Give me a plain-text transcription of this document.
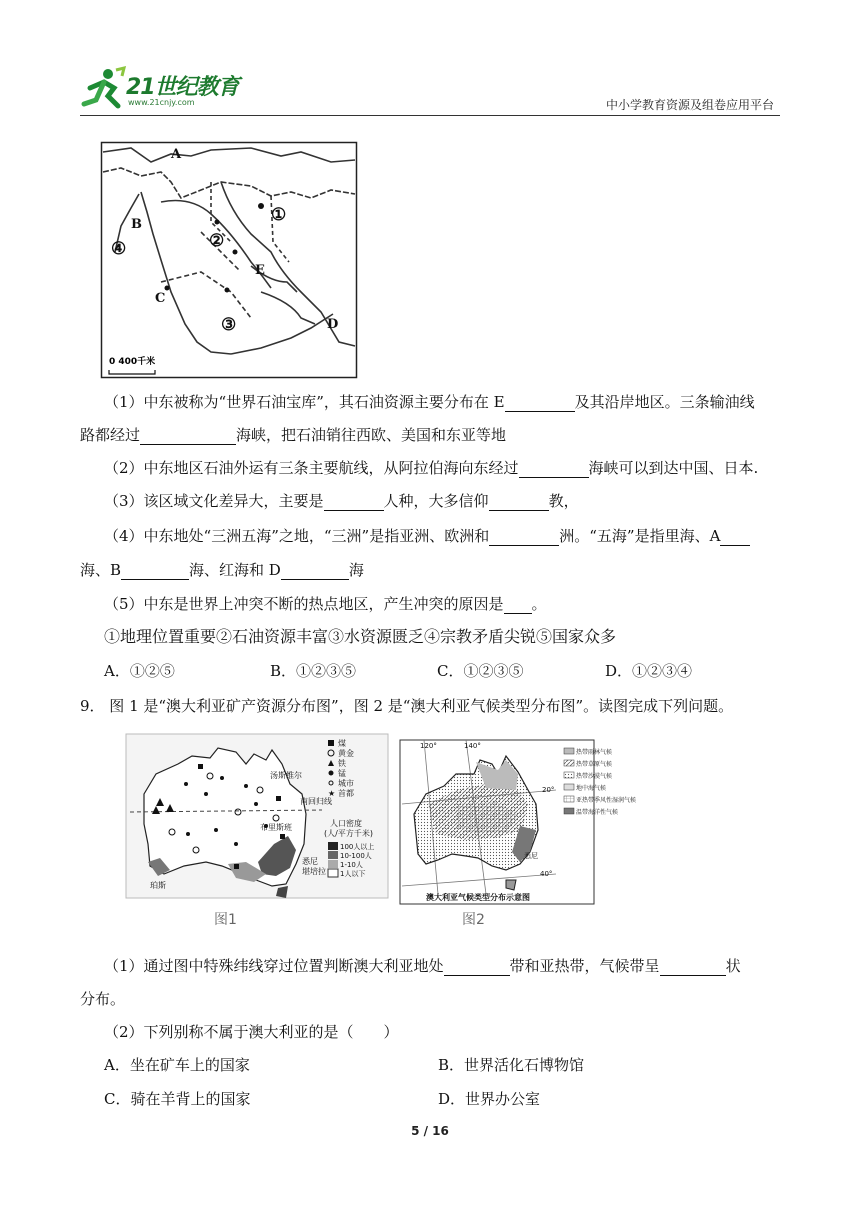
21世纪教育
www.21cnjy.com	中小学教育资源及组卷应用平台
A
B
C
D
E
①
②
③
④
0 400千米
（1）中东被称为“世界石油宝库”，其石油资源主要分布在 E	及其沿岸地区。三条输油线
路都经过	海峡，把石油销往西欧、美国和东亚等地
（2）中东地区石油外运有三条主要航线，从阿拉伯海向东经过	海峡可以到达中国、日本.
（3）该区域文化差异大，主要是	人种，大多信仰	教，
（4）中东地处“三洲五海”之地，“三洲”是指亚洲、欧洲和	洲。“五海”是指里海、A
海、B	海、红海和 D	海
（5）中东是世界上冲突不断的热点地区，产生冲突的原因是 。
①地理位置重要②石油资源丰富③水资源匮乏④宗教矛盾尖锐⑤国家众多
A．①②⑤	B．①②③⑤	C．①②③⑤	D．①②③④
9． 图 1 是“澳大利亚矿产资源分布图”，图 2 是“澳大利亚气候类型分布图”。读图完成下列问题。
煤
黄金
铁
锰
城市
★ 首都
汤斯维尔
南回归线
布里斯班
珀斯
悉尼
堪培拉
人口密度
(人/平方千米)
100人以上
10-100人
1-10人
1人以下
图1
120°	140°
20°
40°
悉尼
热带雨林气候
热带草原气候
热带沙漠气候
地中海气候
亚热带季风性湿润气候
温带海洋性气候
澳大利亚气候类型分布示意图
图2
（1）通过图中特殊纬线穿过位置判断澳大利亚地处	带和亚热带，气候带呈	状
分布。
（2）下列别称不属于澳大利亚的是（　　）
A．坐在矿车上的国家	B．世界活化石博物馆
C．骑在羊背上的国家	D．世界办公室
5 / 16
